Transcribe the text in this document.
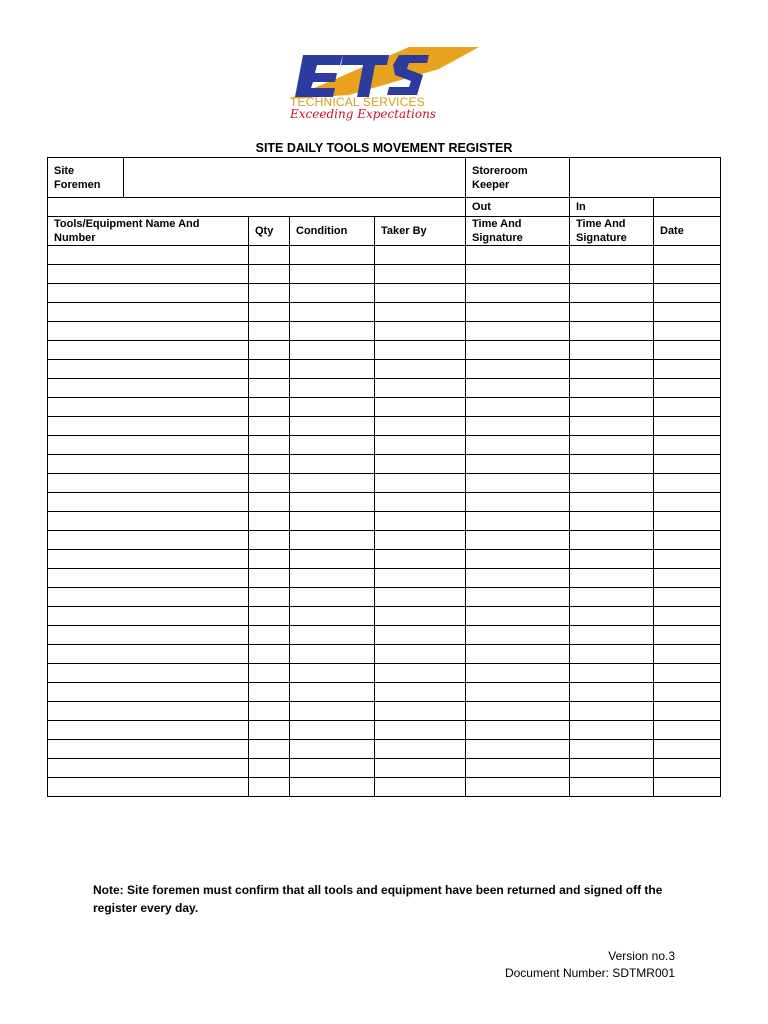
TECHNICAL SERVICES
Exceeding Expectations
SITE DAILY TOOLS MOVEMENT REGISTER
Site Foremen					Storeroom Keeper		
					Out	In	
Tools/Equipment Name And Number		Qty	Condition	Taker By	Time And Signature	Time And Signature	Date

Note: Site foremen must confirm that all tools and equipment have been returned and signed off the register every day.
Version no.3
Document Number: SDTMR001
